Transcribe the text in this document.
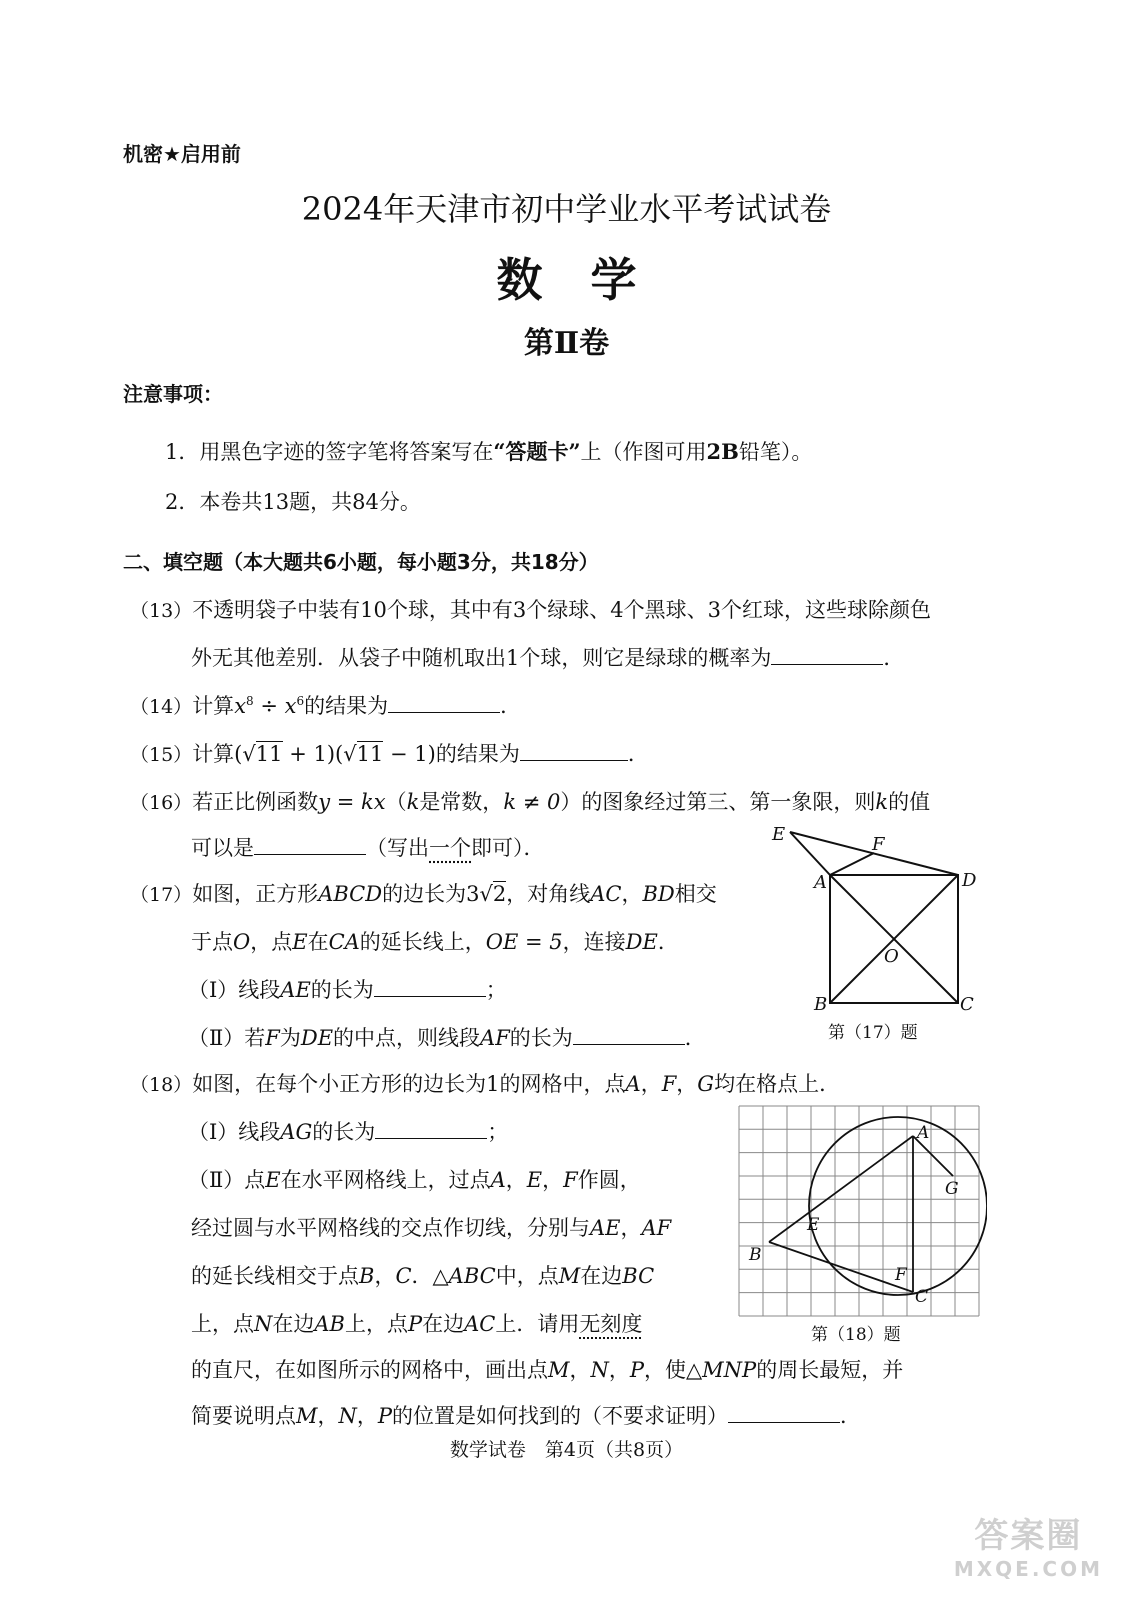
机密★启用前
2024年天津市初中学业水平考试试卷
数学
第Ⅱ卷
注意事项：
1．用黑色字迹的签字笔将答案写在“答题卡”上（作图可用2B铅笔）。
2．本卷共13题，共84分。
二、填空题（本大题共6小题，每小题3分，共18分）
（13）不透明袋子中装有10个球，其中有3个绿球、4个黑球、3个红球，这些球除颜色
外无其他差别．从袋子中随机取出1个球，则它是绿球的概率为	．
（14）计算$x^8 \div x^6$的结果为	．
（15）计算(√11 + 1)(√11 − 1)的结果为	．
（16）若正比例函数y = kx（k是常数，k ≠ 0）的图象经过第三、第一象限，则k的值
可以是	（写出一个即可）．
（17）如图，正方形ABCD的边长为3√2，对角线AC，BD相交
于点O，点E在CA的延长线上，OE = 5，连接DE．
（Ⅰ）线段AE的长为	；
（Ⅱ）若F为DE的中点，则线段AF的长为	．
E	F
A	D
O
B	C
第（17）题
（18）如图，在每个小正方形的边长为1的网格中，点A，F，G均在格点上．
（Ⅰ）线段AG的长为	；
（Ⅱ）点E在水平网格线上，过点A，E，F作圆，
经过圆与水平网格线的交点作切线，分别与AE，AF
的延长线相交于点B，C．△ABC中，点M在边BC
上，点N在边AB上，点P在边AC上．请用无刻度
的直尺，在如图所示的网格中，画出点M，N，P，使△MNP的周长最短，并
简要说明点M，N，P的位置是如何找到的（不要求证明）	．
A
G
E
B
F
C
第（18）题
数学试卷　第4页（共8页）
答案圈
MXQE.COM
